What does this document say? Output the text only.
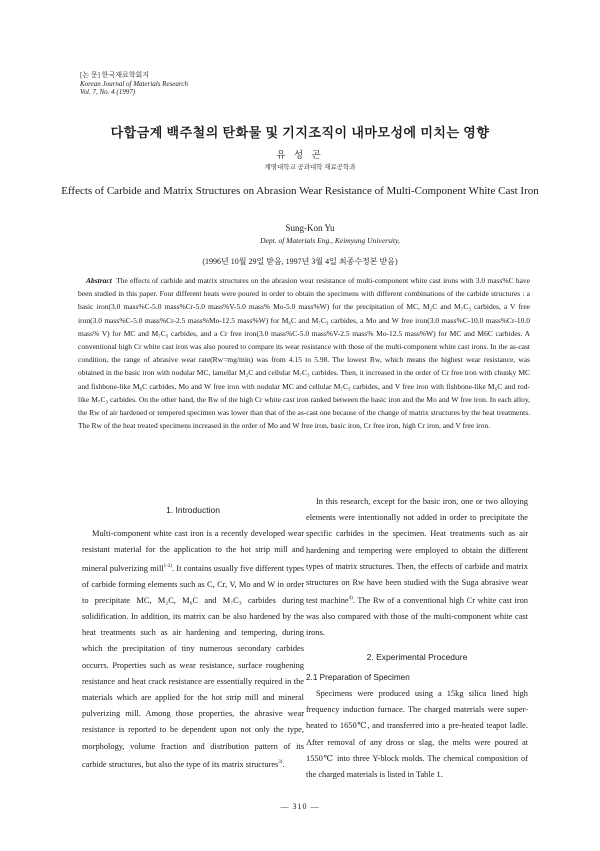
[논 문] 한국재료학회지
Korean Journal of Materials Research
Vol. 7, No. 4 (1997)
다합금계 백주철의 탄화물 및 기지조직이 내마모성에 미치는 영향
유 성 곤
계명대학교 공과대학 재료공학과
Effects of Carbide and Matrix Structures on Abrasion Wear Resistance of Multi-Component White Cast Iron
Sung-Kon Yu
Dept. of Materials Eng., Keimyung University,
(1996년 10월 29일 받음, 1997년 3월 4일 최종수정본 받음)
Abstract The effects of carbide and matrix structures on the abrasion wear resistance of multi-component white cast irons with 3.0 mass%C have been studied in this paper. Four different heats were poured in order to obtain the specimens with different combinations of the carbide structures : a basic iron(3.0 mass%C-5.0 mass%Cr-5.0 mass%V-5.0 mass% Mo-5.0 mass%W) for the precipitation of MC, M₂C and M₇C₃ carbides, a V free iron(3.0 mass%C-5.0 mass%Cr-2.5 mass%Mo-12.5 mass%W) for M₆C and M₇C₃ carbides, a Mo and W free iron(3.0 mass%C-10.0 mass%Cr-10.0 mass% V) for MC and M₇C₃ carbides, and a Cr free iron(3.0 mass%C-5.0 mass%V-2.5 mass% Mo-12.5 mass%W) for MC and M6C carbides. A conventional high Cr white cast iron was also poured to compare its wear resistance with those of the multi-component white cast irons. In the as-cast condition, the range of abrasive wear rate(Rw=mg/min) was from 4.15 to 5.98. The lowest Rw, which means the highest wear resistance, was obtained in the basic iron with nodular MC, lamellar M₂C and cellular M₇C₃ carbides. Then, it increased in the order of Cr free iron with chunky MC and fishbone-like M₆C carbides, Mo and W free iron with nodular MC and cellular M₇C₃ carbides, and V free iron with fishbone-like M₆C and rod-like M₇C₃ carbides. On the other hand, the Rw of the high Cr white cast iron ranked between the basic iron and the Mo and W free iron. In each alloy, the Rw of air hardened or tempered specimen was lower than that of the as-cast one because of the change of matrix structures by the heat treatments. The Rw of the heat treated specimens increased in the order of Mo and W free iron, basic iron, Cr free iron, high Cr iron, and V free iron.
1. Introduction

Multi-component white cast iron is a recently developed wear resistant material for the application to the hot strip mill and mineral pulverizing mill$^{1-2)}$. It contains usually five different types of carbide forming elements such as C, Cr, V, Mo and W in order to precipitate MC, M₂C, M₆C and M₇C₃ carbides during solidification. In addition, its matrix can be also hardened by the heat treatments such as air hardening and tempering, during which the precipitation of tiny numerous secondary carbides occurrs. Properties such as wear resistance, surface roughening resistance and heat crack resistance are essentially required in the materials which are applied for the hot strip mill and mineral pulverizing mill. Among those properties, the abrasive wear resistance is reported to be dependent upon not only the type, morphology, volume fraction and distribution pattern of its carbide structures, but also the type of its matrix structures$^{3)}$.

In this research, except for the basic iron, one or two alloying elements were intentionally not added in order to precipitate the specific carbides in the specimen. Heat treatments such as air hardening and tempering were employed to obtain the different types of matrix structures. Then, the effects of carbide and matrix structures on Rw have been studied with the Suga abrasive wear test machine$^{4)}$. The Rw of a conventional high Cr white cast iron was also compared with those of the multi-component white cast irons.

2. Experimental Procedure
2.1 Preparation of Specimen

Specimens were produced using a 15kg silica lined high frequency induction furnace. The charged materials were super-heated to 1650℃, and transferred into a pre-heated teapot ladle. After removal of any dross or slag, the melts were poured at 1550℃ into three Y-block molds. The chemical composition of the charged materials is listed in Table 1.

— 310 —
